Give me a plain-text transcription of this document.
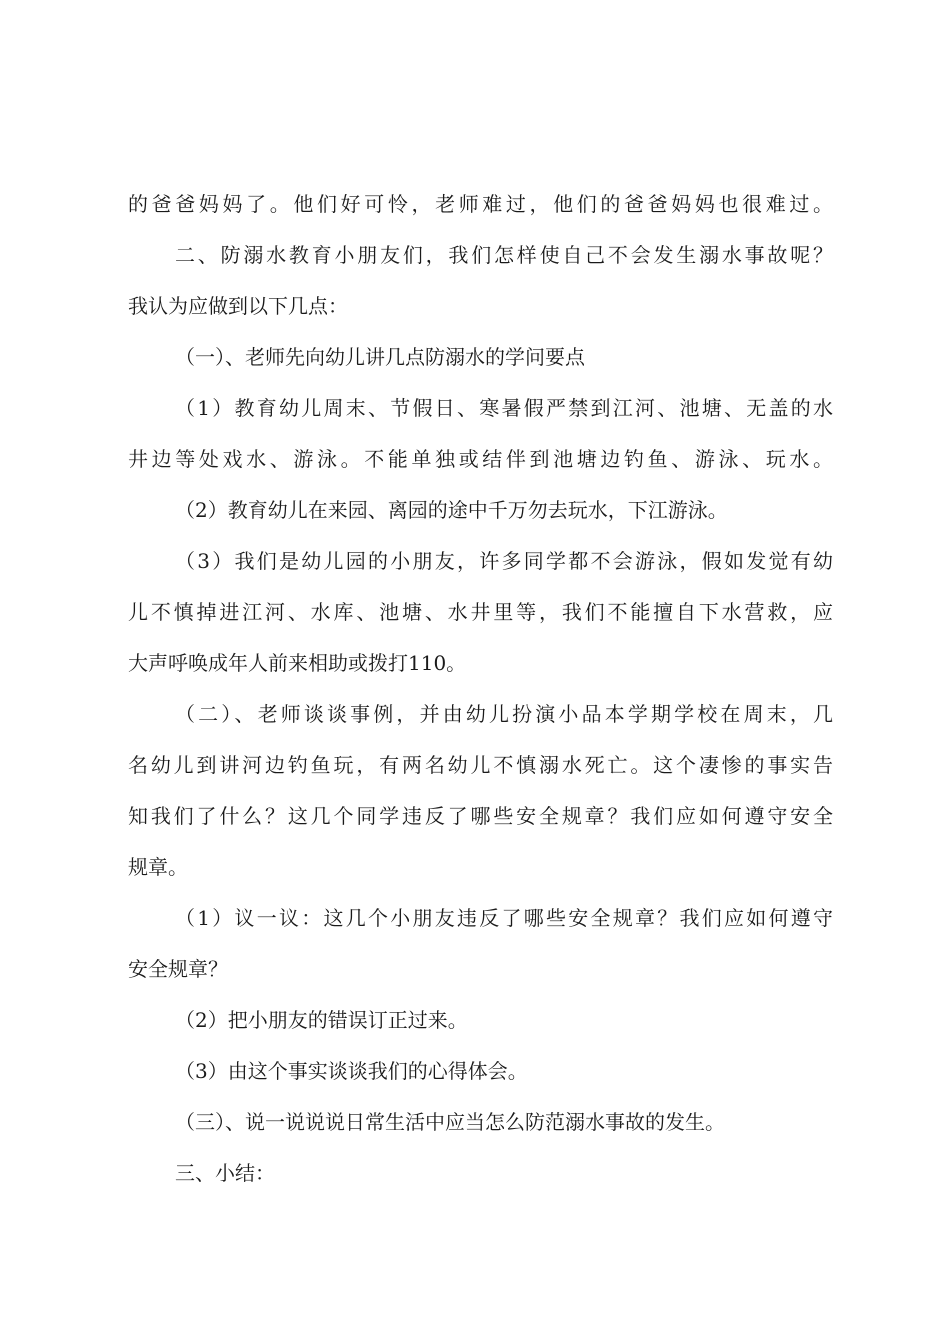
的爸爸妈妈了。他们好可怜，老师难过，他们的爸爸妈妈也很难过。
二、防溺水教育小朋友们，我们怎样使自己不会发生溺水事故呢？
我认为应做到以下几点：
（一）、老师先向幼儿讲几点防溺水的学问要点
（1）教育幼儿周末、节假日、寒暑假严禁到江河、池塘、无盖的水
井边等处戏水、游泳。不能单独或结伴到池塘边钓鱼、游泳、玩水。
（2）教育幼儿在来园、离园的途中千万勿去玩水，下江游泳。
（3）我们是幼儿园的小朋友，许多同学都不会游泳，假如发觉有幼
儿不慎掉进江河、水库、池塘、水井里等，我们不能擅自下水营救，应
大声呼唤成年人前来相助或拨打110。
（二）、老师谈谈事例，并由幼儿扮演小品本学期学校在周末，几
名幼儿到讲河边钓鱼玩，有两名幼儿不慎溺水死亡。这个凄惨的事实告
知我们了什么？这几个同学违反了哪些安全规章？我们应如何遵守安全
规章。
（1）议一议：这几个小朋友违反了哪些安全规章？我们应如何遵守
安全规章？
（2）把小朋友的错误订正过来。
（3）由这个事实谈谈我们的心得体会。
（三）、说一说说说日常生活中应当怎么防范溺水事故的发生。
三、小结：
